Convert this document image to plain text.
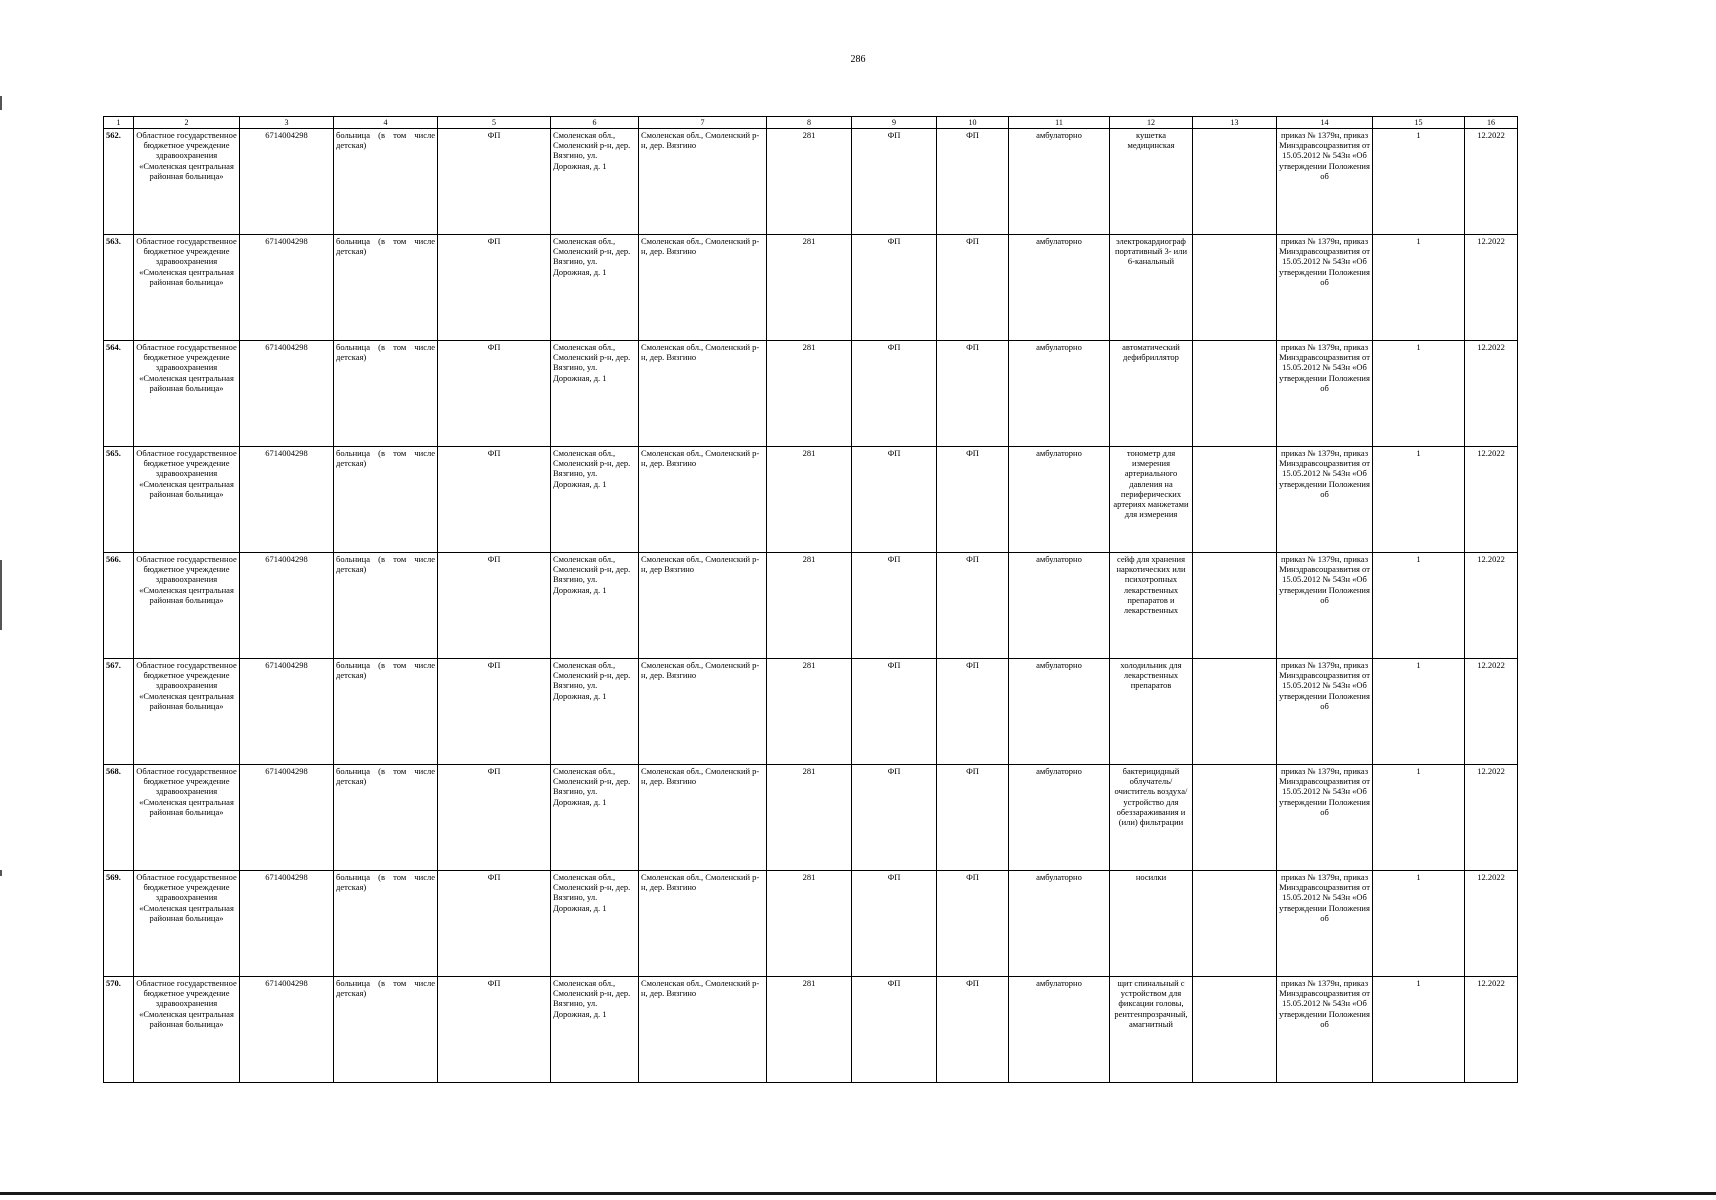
286
1	2	3	4	5	6	7	8	9	10	11	12	13	14	15	16
562.	Областное государственное бюджетное учреждение здравоохранения «Смоленская центральная районная больница»	6714004298	больница (в том числе детская)	ФП	Смоленская обл., Смоленский р-н, дер. Вязгино, ул. Дорожная, д. 1	Смоленская обл., Смоленский р-н, дер. Вязгино	281	ФП	ФП	амбулаторно	кушетка медицинская		приказ № 1379н, приказ Минздравсоцразвития от 15.05.2012 № 543н «Об утверждении Положения об	1	12.2022
563.	Областное государственное бюджетное учреждение здравоохранения «Смоленская центральная районная больница»	6714004298	больница (в том числе детская)	ФП	Смоленская обл., Смоленский р-н, дер. Вязгино, ул. Дорожная, д. 1	Смоленская обл., Смоленский р-н, дер. Вязгино	281	ФП	ФП	амбулаторно	электрокардиограф портативный 3- или 6-канальный		приказ № 1379н, приказ Минздравсоцразвития от 15.05.2012 № 543н «Об утверждении Положения об	1	12.2022
564.	Областное государственное бюджетное учреждение здравоохранения «Смоленская центральная районная больница»	6714004298	больница (в том числе детская)	ФП	Смоленская обл., Смоленский р-н, дер. Вязгино, ул. Дорожная, д. 1	Смоленская обл., Смоленский р-н, дер. Вязгино	281	ФП	ФП	амбулаторно	автоматический дефибриллятор		приказ № 1379н, приказ Минздравсоцразвития от 15.05.2012 № 543н «Об утверждении Положения об	1	12.2022
565.	Областное государственное бюджетное учреждение здравоохранения «Смоленская центральная районная больница»	6714004298	больница (в том числе детская)	ФП	Смоленская обл., Смоленский р-н, дер. Вязгино, ул. Дорожная, д. 1	Смоленская обл., Смоленский р-н, дер. Вязгино	281	ФП	ФП	амбулаторно	тонометр для измерения артериального давления на периферических артериях манжетами для измерения		приказ № 1379н, приказ Минздравсоцразвития от 15.05.2012 № 543н «Об утверждении Положения об	1	12.2022
566.	Областное государственное бюджетное учреждение здравоохранения «Смоленская центральная районная больница»	6714004298	больница (в том числе детская)	ФП	Смоленская обл., Смоленский р-н, дер. Вязгино, ул. Дорожная, д. 1	Смоленская обл., Смоленский р-н, дер Вязгино	281	ФП	ФП	амбулаторно	сейф для хранения наркотических или психотропных лекарственных препаратов и лекарственных		приказ № 1379н, приказ Минздравсоцразвития от 15.05.2012 № 543н «Об утверждении Положения об	1	12.2022
567.	Областное государственное бюджетное учреждение здравоохранения «Смоленская центральная районная больница»	6714004298	больница (в том числе детская)	ФП	Смоленская обл., Смоленский р-н, дер. Вязгино, ул. Дорожная, д. 1	Смоленская обл., Смоленский р-н, дер. Вязгино	281	ФП	ФП	амбулаторно	холодильник для лекарственных препаратов		приказ № 1379н, приказ Минздравсоцразвития от 15.05.2012 № 543н «Об утверждении Положения об	1	12.2022
568.	Областное государственное бюджетное учреждение здравоохранения «Смоленская центральная районная больница»	6714004298	больница (в том числе детская)	ФП	Смоленская обл., Смоленский р-н, дер. Вязгино, ул. Дорожная, д. 1	Смоленская обл., Смоленский р-н, дер. Вязгино	281	ФП	ФП	амбулаторно	бактерицидный облучатель/очиститель воздуха/устройство для обеззараживания и (или) фильтрации		приказ № 1379н, приказ Минздравсоцразвития от 15.05.2012 № 543н «Об утверждении Положения об	1	12.2022
569.	Областное государственное бюджетное учреждение здравоохранения «Смоленская центральная районная больница»	6714004298	больница (в том числе детская)	ФП	Смоленская обл., Смоленский р-н, дер. Вязгино, ул. Дорожная, д. 1	Смоленская обл., Смоленский р-н, дер. Вязгино	281	ФП	ФП	амбулаторно	носилки		приказ № 1379н, приказ Минздравсоцразвития от 15.05.2012 № 543н «Об утверждении Положения об	1	12.2022
570.	Областное государственное бюджетное учреждение здравоохранения «Смоленская центральная районная больница»	6714004298	больница (в том числе детская)	ФП	Смоленская обл., Смоленский р-н, дер. Вязгино, ул. Дорожная, д. 1	Смоленская обл., Смоленский р-н, дер. Вязгино	281	ФП	ФП	амбулаторно	щит спинальный с устройством для фиксации головы, рентгенпрозрачный, амагнитный		приказ № 1379н, приказ Минздравсоцразвития от 15.05.2012 № 543н «Об утверждении Положения об	1	12.2022
